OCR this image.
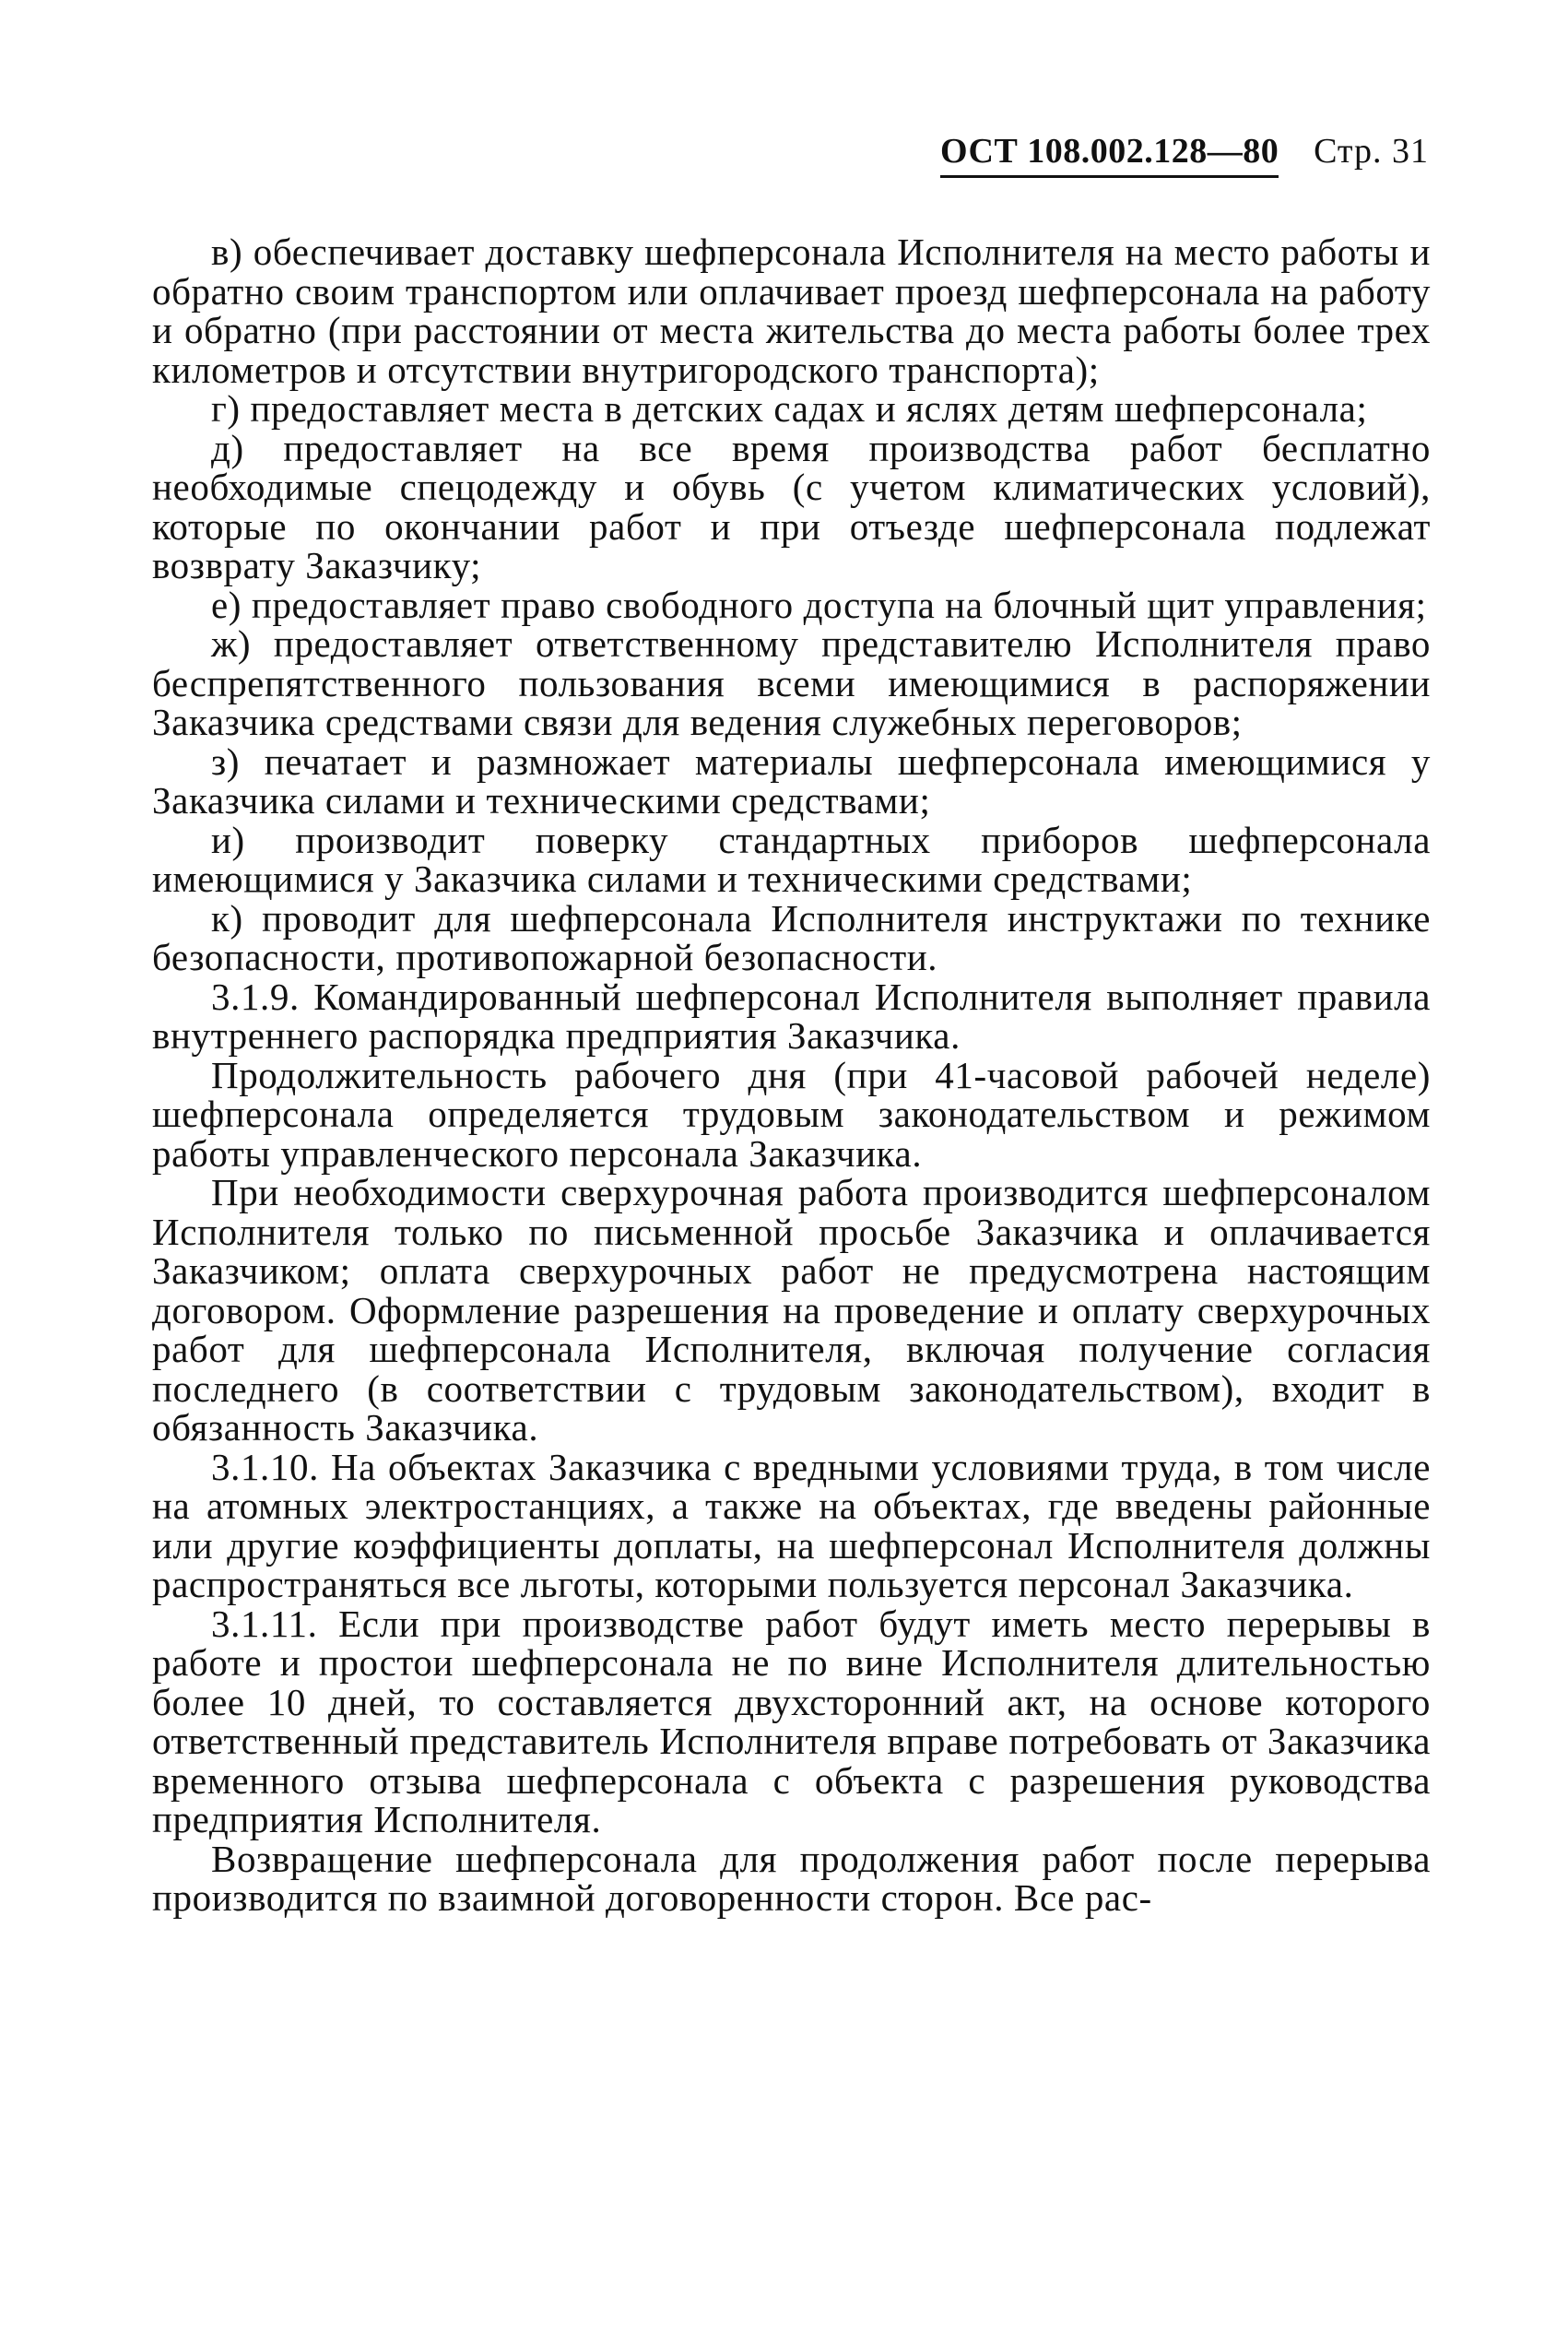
ОСТ 108.002.128—80 Стр. 31

в) обеспечивает доставку шефперсонала Исполнителя на место работы и обратно своим транспортом или оплачивает проезд шефперсонала на работу и обратно (при расстоянии от места жительства до места работы более трех километров и отсутствии внутригородского транспорта);

г) предоставляет места в детских садах и яслях детям шефперсонала;

д) предоставляет на все время производства работ бесплатно необходимые спецодежду и обувь (с учетом климатических условий), которые по окончании работ и при отъезде шефперсонала подлежат возврату Заказчику;

е) предоставляет право свободного доступа на блочный щит управления;

ж) предоставляет ответственному представителю Исполнителя право беспрепятственного пользования всеми имеющимися в распоряжении Заказчика средствами связи для ведения служебных переговоров;

з) печатает и размножает материалы шефперсонала имеющимися у Заказчика силами и техническими средствами;

и) производит поверку стандартных приборов шефперсонала имеющимися у Заказчика силами и техническими средствами;

к) проводит для шефперсонала Исполнителя инструктажи по технике безопасности, противопожарной безопасности.

3.1.9. Командированный шефперсонал Исполнителя выполняет правила внутреннего распорядка предприятия Заказчика.

Продолжительность рабочего дня (при 41-часовой рабочей неделе) шефперсонала определяется трудовым законодательством и режимом работы управленческого персонала Заказчика.

При необходимости сверхурочная работа производится шефперсоналом Исполнителя только по письменной просьбе Заказчика и оплачивается Заказчиком; оплата сверхурочных работ не предусмотрена настоящим договором. Оформление разрешения на проведение и оплату сверхурочных работ для шефперсонала Исполнителя, включая получение согласия последнего (в соответствии с трудовым законодательством), входит в обязанность Заказчика.

3.1.10. На объектах Заказчика с вредными условиями труда, в том числе на атомных электростанциях, а также на объектах, где введены районные или другие коэффициенты доплаты, на шефперсонал Исполнителя должны распространяться все льготы, которыми пользуется персонал Заказчика.

3.1.11. Если при производстве работ будут иметь место перерывы в работе и простои шефперсонала не по вине Исполнителя длительностью более 10 дней, то составляется двухсторонний акт, на основе которого ответственный представитель Исполнителя вправе потребовать от Заказчика временного отзыва шефперсонала с объекта с разрешения руководства предприятия Исполнителя.

Возвращение шефперсонала для продолжения работ после перерыва производится по взаимной договоренности сторон. Все рас-
